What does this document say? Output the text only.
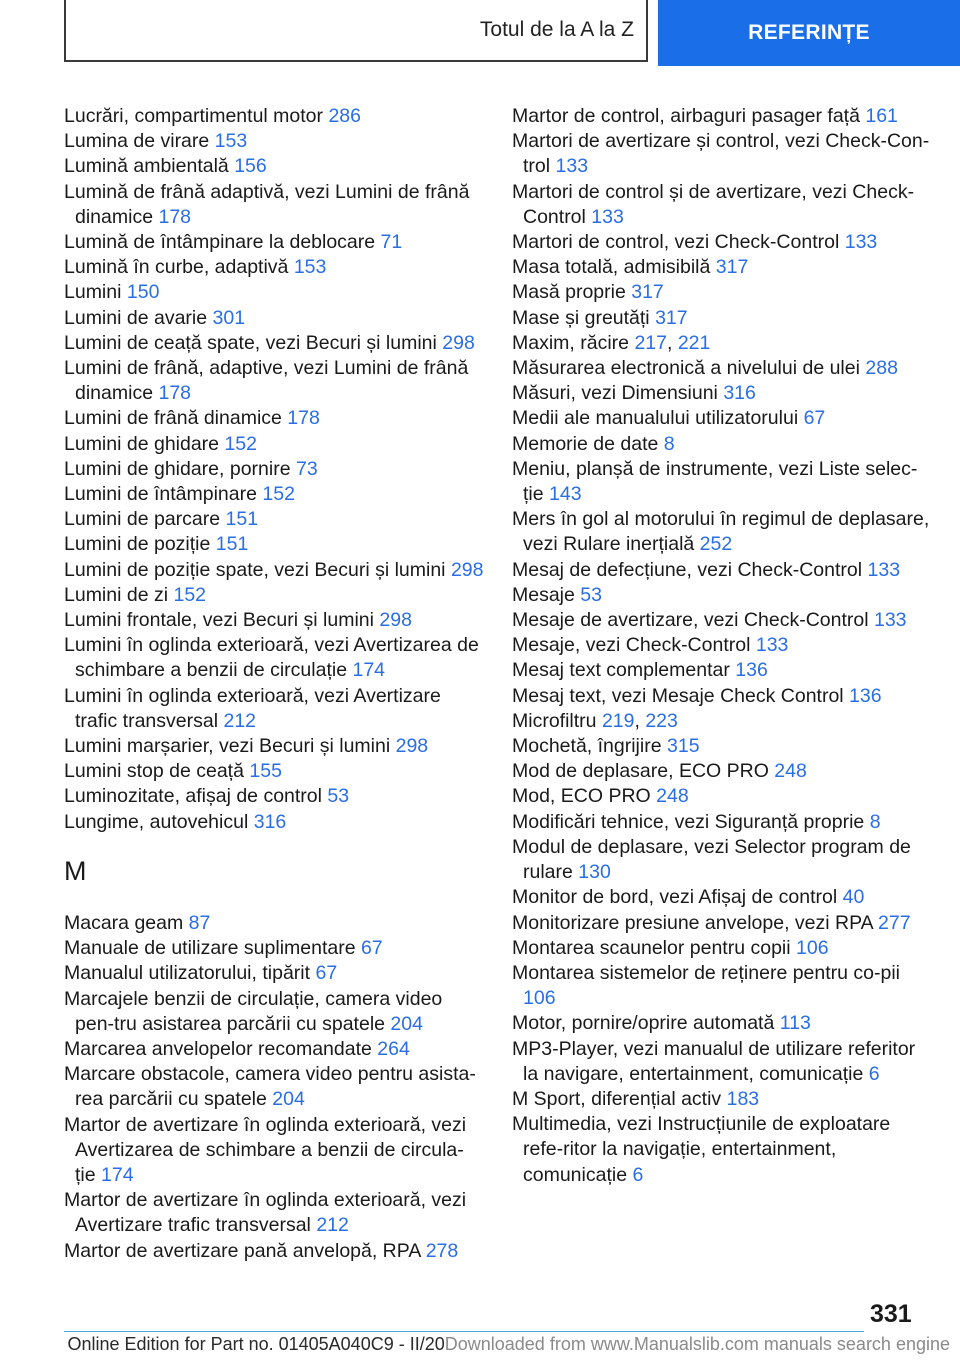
Totul de la A la Z	REFERINȚE
Lucrări, compartimentul motor 286
Lumina de virare 153
Lumină ambientală 156
Lumină de frână adaptivă, vezi Lumini de frână dinamice 178
Lumină de întâmpinare la deblocare 71
Lumină în curbe, adaptivă 153
Lumini 150
Lumini de avarie 301
Lumini de ceață spate, vezi Becuri și lumini 298
Lumini de frână, adaptive, vezi Lumini de frână dinamice 178
Lumini de frână dinamice 178
Lumini de ghidare 152
Lumini de ghidare, pornire 73
Lumini de întâmpinare 152
Lumini de parcare 151
Lumini de poziție 151
Lumini de poziție spate, vezi Becuri și lumini 298
Lumini de zi 152
Lumini frontale, vezi Becuri și lumini 298
Lumini în oglinda exterioară, vezi Avertizarea de schimbare a benzii de circulație 174
Lumini în oglinda exterioară, vezi Avertizare trafic transversal 212
Lumini marșarier, vezi Becuri și lumini 298
Lumini stop de ceață 155
Luminozitate, afișaj de control 53
Lungime, autovehicul 316
M
Macara geam 87
Manuale de utilizare suplimentare 67
Manualul utilizatorului, tipărit 67
Marcajele benzii de circulație, camera video pen-tru asistarea parcării cu spatele 204
Marcarea anvelopelor recomandate 264
Marcare obstacole, camera video pentru asista-rea parcării cu spatele 204
Martor de avertizare în oglinda exterioară, vezi Avertizarea de schimbare a benzii de circula-ție 174
Martor de avertizare în oglinda exterioară, vezi Avertizare trafic transversal 212
Martor de avertizare pană anvelopă, RPA 278
Martor de control, airbaguri pasager față 161
Martori de avertizare și control, vezi Check-Con-trol 133
Martori de control și de avertizare, vezi Check-Control 133
Martori de control, vezi Check-Control 133
Masa totală, admisibilă 317
Masă proprie 317
Mase și greutăți 317
Maxim, răcire 217, 221
Măsurarea electronică a nivelului de ulei 288
Măsuri, vezi Dimensiuni 316
Medii ale manualului utilizatorului 67
Memorie de date 8
Meniu, planșă de instrumente, vezi Liste selec-ție 143
Mers în gol al motorului în regimul de deplasare, vezi Rulare inerțială 252
Mesaj de defecțiune, vezi Check-Control 133
Mesaje 53
Mesaje de avertizare, vezi Check-Control 133
Mesaje, vezi Check-Control 133
Mesaj text complementar 136
Mesaj text, vezi Mesaje Check Control 136
Microfiltru 219, 223
Mochetă, îngrijire 315
Mod de deplasare, ECO PRO 248
Mod, ECO PRO 248
Modificări tehnice, vezi Siguranță proprie 8
Modul de deplasare, vezi Selector program de rulare 130
Monitor de bord, vezi Afișaj de control 40
Monitorizare presiune anvelope, vezi RPA 277
Montarea scaunelor pentru copii 106
Montarea sistemelor de reținere pentru co-pii 106
Motor, pornire/oprire automată 113
MP3-Player, vezi manualul de utilizare referitor la navigare, entertainment, comunicație 6
M Sport, diferențial activ 183
Multimedia, vezi Instrucțiunile de exploatare refe-ritor la navigație, entertainment, comunicație 6
331
Online Edition for Part no. 01405A040C9 - II/20Downloaded from www.Manualslib.com manuals search engine
